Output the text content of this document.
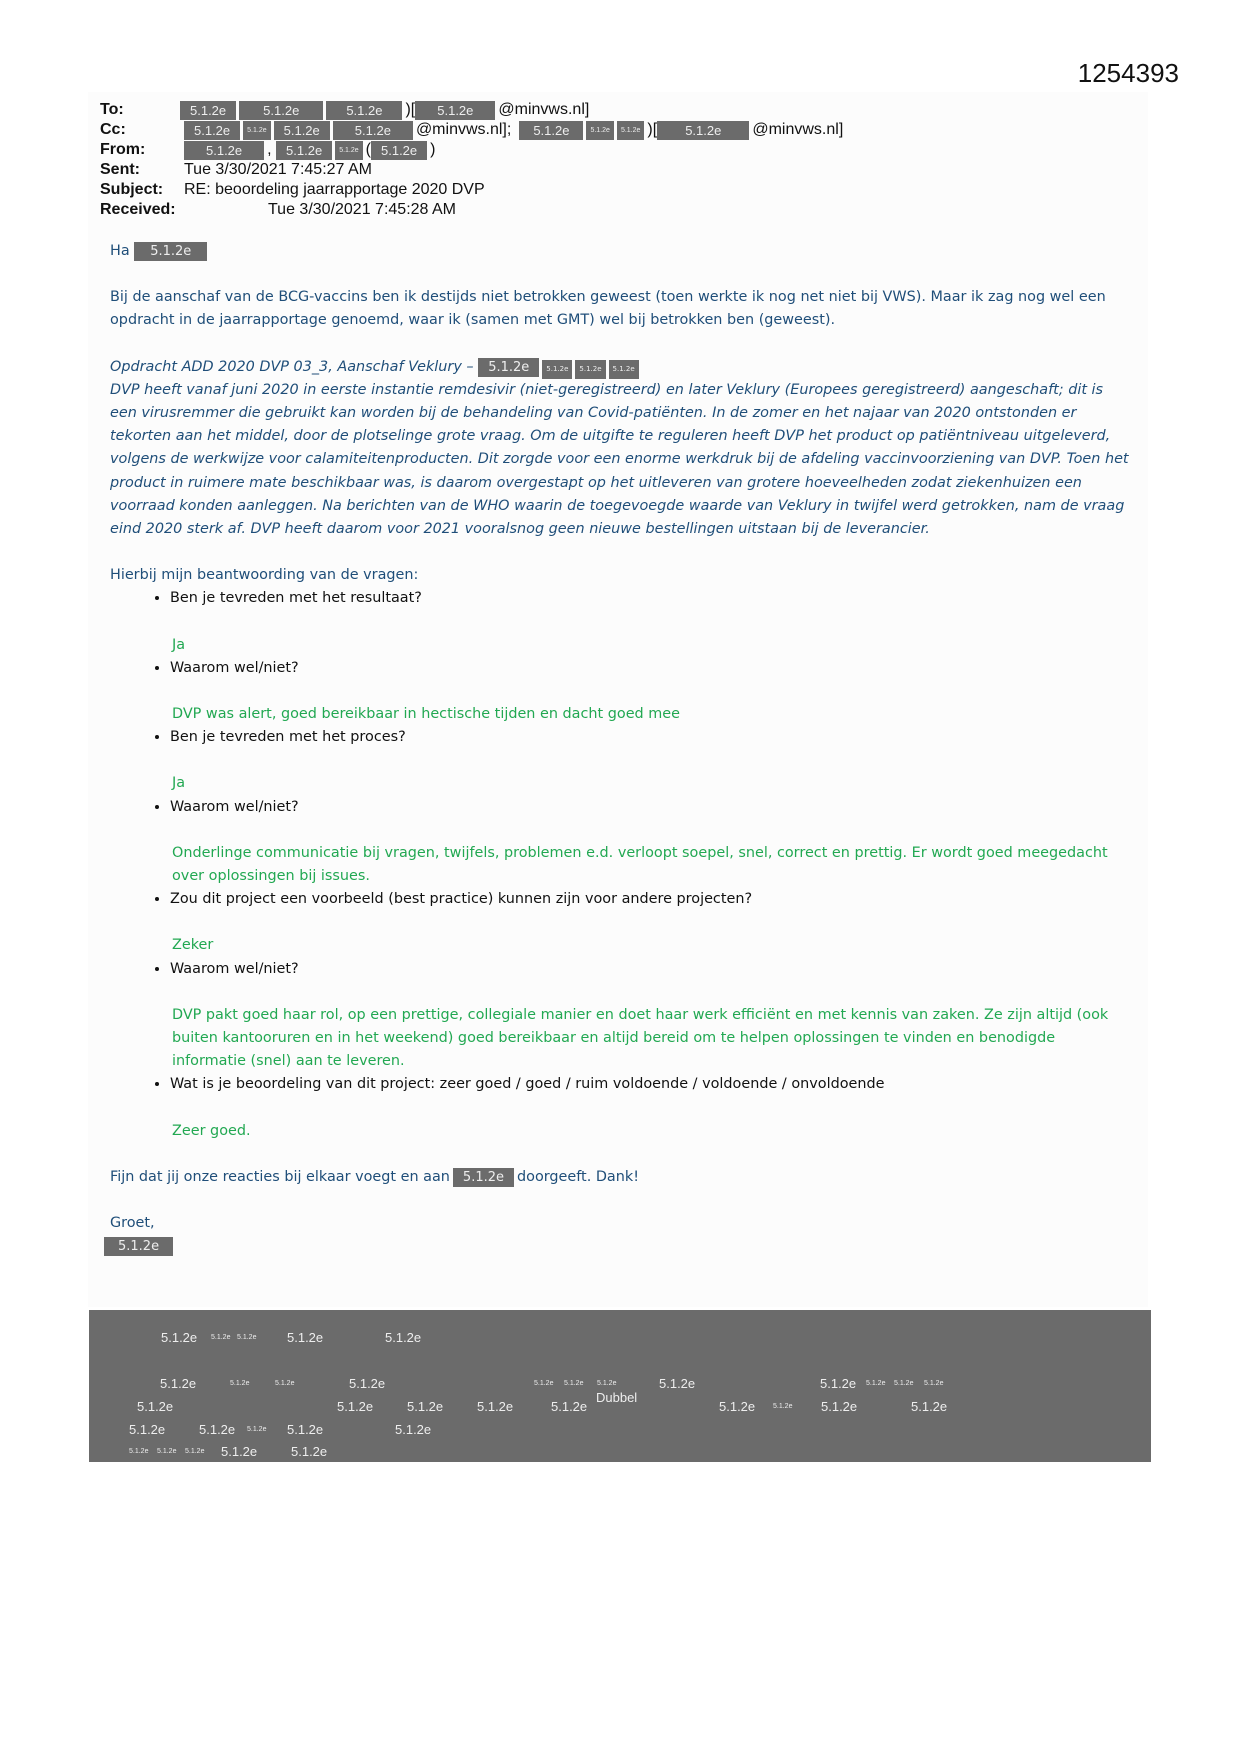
1254393
To:	5.1.2e	5.1.2e	5.1.2e	)[	5.1.2e	@minvws.nl]
Cc:	5.1.2e	5.1.2e	5.1.2e	5.1.2e	@minvws.nl];	5.1.2e	5.1.2e	5.1.2e )[	5.1.2e	@minvws.nl]
From:	5.1.2e	, 5.1.2e	5.1.2e ( 5.1.2e )
Sent:	Tue 3/30/2021 7:45:27 AM
Subject:	RE: beoordeling jaarrapportage 2020 DVP
Received:	Tue 3/30/2021 7:45:28 AM

Ha 5.1.2e

Bij de aanschaf van de BCG-vaccins ben ik destijds niet betrokken geweest (toen werkte ik nog net niet bij VWS). Maar ik zag nog wel een opdracht in de jaarrapportage genoemd, waar ik (samen met GMT) wel bij betrokken ben (geweest).

Opdracht ADD 2020 DVP 03_3, Aanschaf Veklury – 5.1.2e 5.1.2e 5.1.2e 5.1.2e

DVP heeft vanaf juni 2020 in eerste instantie remdesivir (niet-geregistreerd) en later Veklury (Europees geregistreerd) aangeschaft; dit is een virusremmer die gebruikt kan worden bij de behandeling van Covid-patiënten. In de zomer en het najaar van 2020 ontstonden er tekorten aan het middel, door de plotselinge grote vraag. Om de uitgifte te reguleren heeft DVP het product op patiëntniveau uitgeleverd, volgens de werkwijze voor calamiteitenproducten. Dit zorgde voor een enorme werkdruk bij de afdeling vaccinvoorziening van DVP. Toen het product in ruimere mate beschikbaar was, is daarom overgestapt op het uitleveren van grotere hoeveelheden zodat ziekenhuizen een voorraad konden aanleggen. Na berichten van de WHO waarin de toegevoegde waarde van Veklury in twijfel werd getrokken, nam de vraag eind 2020 sterk af. DVP heeft daarom voor 2021 vooralsnog geen nieuwe bestellingen uitstaan bij de leverancier.

Hierbij mijn beantwoording van de vragen:

• Ben je tevreden met het resultaat?

Ja

• Waarom wel/niet?

DVP was alert, goed bereikbaar in hectische tijden en dacht goed mee

• Ben je tevreden met het proces?

Ja

• Waarom wel/niet?

Onderlinge communicatie bij vragen, twijfels, problemen e.d. verloopt soepel, snel, correct en prettig. Er wordt goed meegedacht over oplossingen bij issues.

• Zou dit project een voorbeeld (best practice) kunnen zijn voor andere projecten?

Zeker

• Waarom wel/niet?

DVP pakt goed haar rol, op een prettige, collegiale manier en doet haar werk efficiënt en met kennis van zaken. Ze zijn altijd (ook buiten kantooruren en in het weekend) goed bereikbaar en altijd bereid om te helpen oplossingen te vinden en benodigde informatie (snel) aan te leveren.

• Wat is je beoordeling van dit project: zeer goed / goed / ruim voldoende / voldoende / onvoldoende

Zeer goed.

Fijn dat jij onze reacties bij elkaar voegt en aan 5.1.2e doorgeeft. Dank!

Groet,

5.1.2e

5.1.2e 5.1.2e 5.1.2e 5.1.2e	5.1.2e
5.1.2e	5.1.2e	5.1.2e	5.1.2e	5.1.2e 5.1.2e 5.1.2e	5.1.2e	5.1.2e 5.1.2e 5.1.2e 5.1.2e
5.1.2e	5.1.2e	5.1.2e	5.1.2e	5.1.2e
Dubbel
5.1.2e	5.1.2e 5.1.2e	5.1.2e
5.1.2e	5.1.2e 5.1.2e 5.1.2e	5.1.2e
5.1.2e 5.1.2e 5.1.2e 5.1.2e	5.1.2e
